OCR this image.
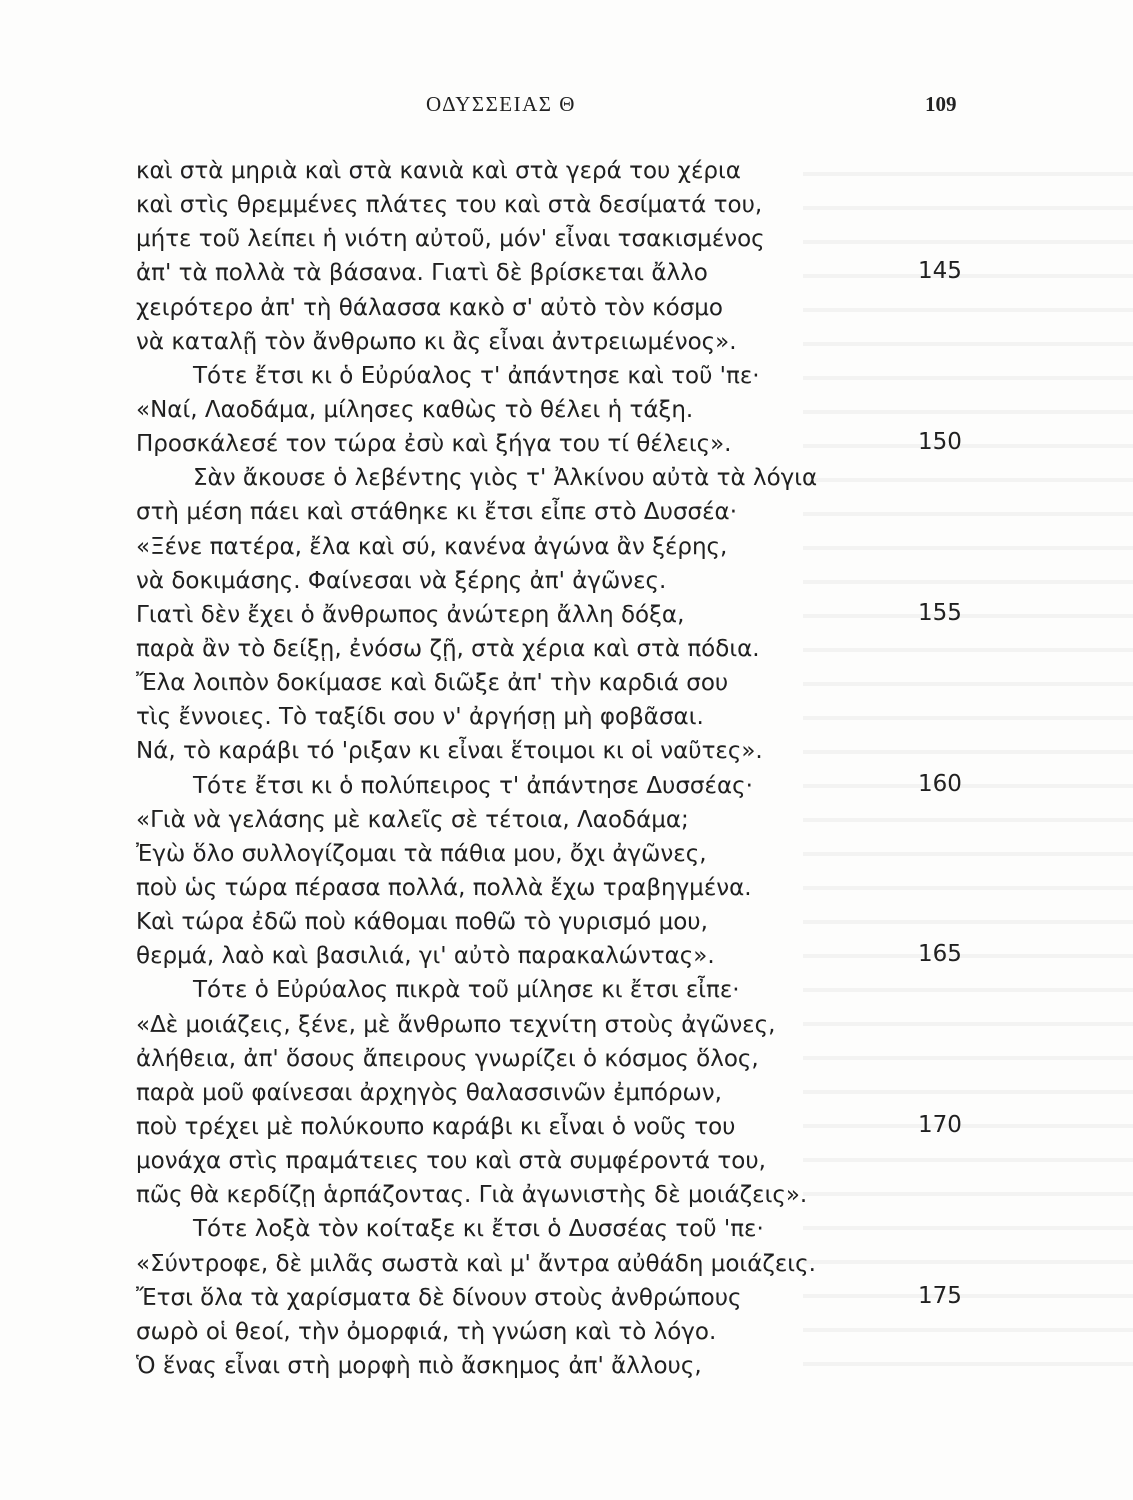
ΟΔΥΣΣΕΙΑΣ Θ	109
καὶ στὰ μηριὰ καὶ στὰ κανιὰ καὶ στὰ γερά του χέρια
καὶ στὶς θρεμμένες πλάτες του καὶ στὰ δεσίματά του,
μήτε τοῦ λείπει ἡ νιότη αὐτοῦ, μόν' εἶναι τσακισμένος
ἀπ' τὰ πολλὰ τὰ βάσανα. Γιατὶ δὲ βρίσκεται ἄλλο	145
χειρότερο ἀπ' τὴ θάλασσα κακὸ σ' αὐτὸ τὸν κόσμο
νὰ καταλῇ τὸν ἄνθρωπο κι ἂς εἶναι ἀντρειωμένος».
Τότε ἔτσι κι ὁ Εὐρύαλος τ' ἀπάντησε καὶ τοῦ 'πε·
«Ναί, Λαοδάμα, μίλησες καθὼς τὸ θέλει ἡ τάξη.
Προσκάλεσέ τον τώρα ἐσὺ καὶ ξήγα του τί θέλεις».	150
Σὰν ἄκουσε ὁ λεβέντης γιὸς τ' Ἀλκίνου αὐτὰ τὰ λόγια
στὴ μέση πάει καὶ στάθηκε κι ἔτσι εἶπε στὸ Δυσσέα·
«Ξένε πατέρα, ἔλα καὶ σύ, κανένα ἀγώνα ἂν ξέρης,
νὰ δοκιμάσης. Φαίνεσαι νὰ ξέρης ἀπ' ἀγῶνες.
Γιατὶ δὲν ἔχει ὁ ἄνθρωπος ἀνώτερη ἄλλη δόξα,	155
παρὰ ἂν τὸ δείξῃ, ἐνόσω ζῇ, στὰ χέρια καὶ στὰ πόδια.
Ἔλα λοιπὸν δοκίμασε καὶ διῶξε ἀπ' τὴν καρδιά σου
τὶς ἔννοιες. Τὸ ταξίδι σου ν' ἀργήσῃ μὴ φοβᾶσαι.
Νά, τὸ καράβι τό 'ριξαν κι εἶναι ἕτοιμοι κι οἱ ναῦτες».
Τότε ἔτσι κι ὁ πολύπειρος τ' ἀπάντησε Δυσσέας·	160
«Γιὰ νὰ γελάσης μὲ καλεῖς σὲ τέτοια, Λαοδάμα;
Ἐγὼ ὅλο συλλογίζομαι τὰ πάθια μου, ὄχι ἀγῶνες,
ποὺ ὡς τώρα πέρασα πολλά, πολλὰ ἔχω τραβηγμένα.
Καὶ τώρα ἐδῶ ποὺ κάθομαι ποθῶ τὸ γυρισμό μου,
θερμά, λαὸ καὶ βασιλιά, γι' αὐτὸ παρακαλώντας».	165
Τότε ὁ Εὐρύαλος πικρὰ τοῦ μίλησε κι ἔτσι εἶπε·
«Δὲ μοιάζεις, ξένε, μὲ ἄνθρωπο τεχνίτη στοὺς ἀγῶνες,
ἀλήθεια, ἀπ' ὅσους ἄπειρους γνωρίζει ὁ κόσμος ὅλος,
παρὰ μοῦ φαίνεσαι ἀρχηγὸς θαλασσινῶν ἐμπόρων,
ποὺ τρέχει μὲ πολύκουπο καράβι κι εἶναι ὁ νοῦς του	170
μονάχα στὶς πραμάτειες του καὶ στὰ συμφέροντά του,
πῶς θὰ κερδίζῃ ἁρπάζοντας. Γιὰ ἀγωνιστὴς δὲ μοιάζεις».
Τότε λοξὰ τὸν κοίταξε κι ἔτσι ὁ Δυσσέας τοῦ 'πε·
«Σύντροφε, δὲ μιλᾶς σωστὰ καὶ μ' ἄντρα αὐθάδη μοιάζεις.
Ἔτσι ὅλα τὰ χαρίσματα δὲ δίνουν στοὺς ἀνθρώπους	175
σωρὸ οἱ θεοί, τὴν ὀμορφιά, τὴ γνώση καὶ τὸ λόγο.
Ὁ ἕνας εἶναι στὴ μορφὴ πιὸ ἄσκημος ἀπ' ἄλλους,
